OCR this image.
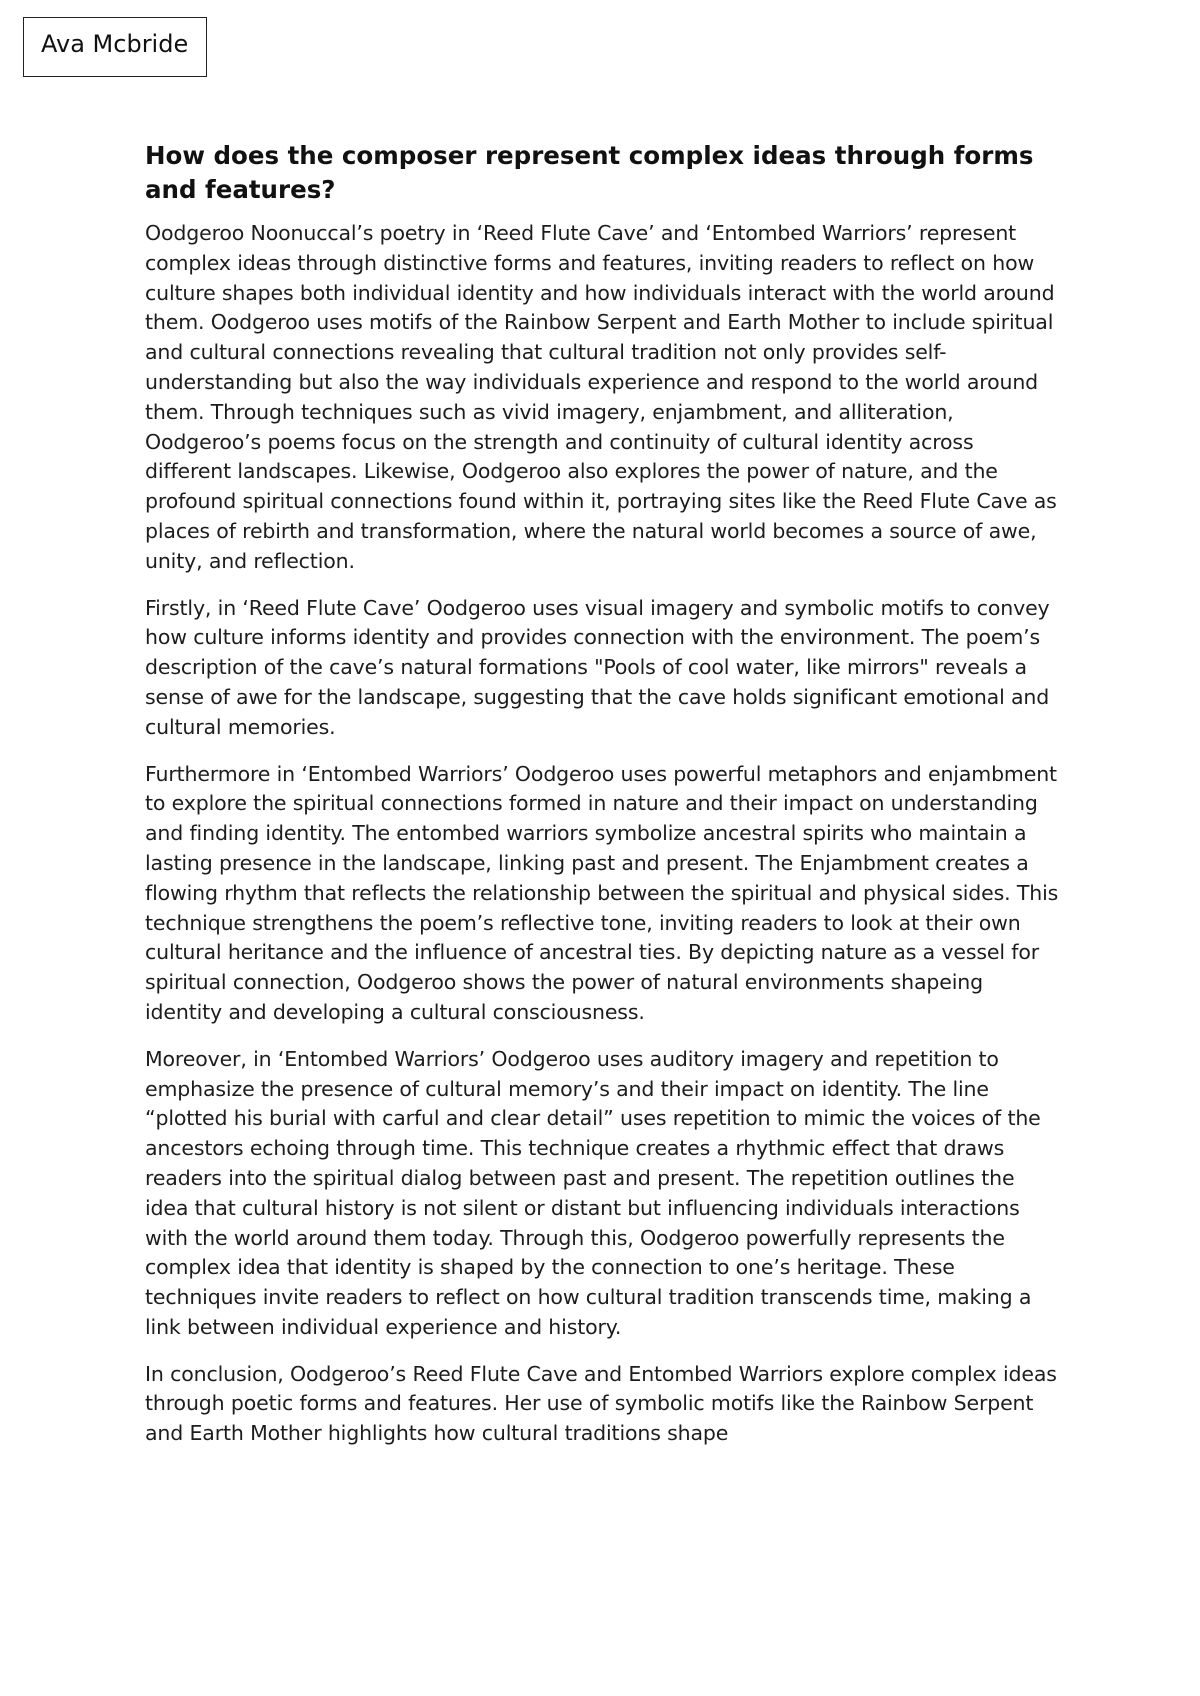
Ava Mcbride
How does the composer represent complex ideas through forms and features?

Oodgeroo Noonuccal’s poetry in ‘Reed Flute Cave’ and ‘Entombed Warriors’ represent complex ideas through distinctive forms and features, inviting readers to reflect on how culture shapes both individual identity and how individuals interact with the world around them. Oodgeroo uses motifs of the Rainbow Serpent and Earth Mother to include spiritual and cultural connections revealing that cultural tradition not only provides self-understanding but also the way individuals experience and respond to the world around them. Through techniques such as vivid imagery, enjambment, and alliteration, Oodgeroo’s poems focus on the strength and continuity of cultural identity across different landscapes. Likewise, Oodgeroo also explores the power of nature, and the profound spiritual connections found within it, portraying sites like the Reed Flute Cave as places of rebirth and transformation, where the natural world becomes a source of awe, unity, and reflection.

Firstly, in ‘Reed Flute Cave’ Oodgeroo uses visual imagery and symbolic motifs to convey how culture informs identity and provides connection with the environment. The poem’s description of the cave’s natural formations "Pools of cool water, like mirrors" reveals a sense of awe for the landscape, suggesting that the cave holds significant emotional and cultural memories.

Furthermore in ‘Entombed Warriors’ Oodgeroo uses powerful metaphors and enjambment to explore the spiritual connections formed in nature and their impact on understanding and finding identity. The entombed warriors symbolize ancestral spirits who maintain a lasting presence in the landscape, linking past and present. The Enjambment creates a flowing rhythm that reflects the relationship between the spiritual and physical sides. This technique strengthens the poem’s reflective tone, inviting readers to look at their own cultural heritance and the influence of ancestral ties. By depicting nature as a vessel for spiritual connection, Oodgeroo shows the power of natural environments shapeing identity and developing a cultural consciousness.

Moreover, in ‘Entombed Warriors’ Oodgeroo uses auditory imagery and repetition to emphasize the presence of cultural memory’s and their impact on identity. The line “plotted his burial with carful and clear detail” uses repetition to mimic the voices of the ancestors echoing through time. This technique creates a rhythmic effect that draws readers into the spiritual dialog between past and present. The repetition outlines the idea that cultural history is not silent or distant but influencing individuals interactions with the world around them today. Through this, Oodgeroo powerfully represents the complex idea that identity is shaped by the connection to one’s heritage. These techniques invite readers to reflect on how cultural tradition transcends time, making a link between individual experience and history.

In conclusion, Oodgeroo’s Reed Flute Cave and Entombed Warriors explore complex ideas through poetic forms and features. Her use of symbolic motifs like the Rainbow Serpent and Earth Mother highlights how cultural traditions shape
